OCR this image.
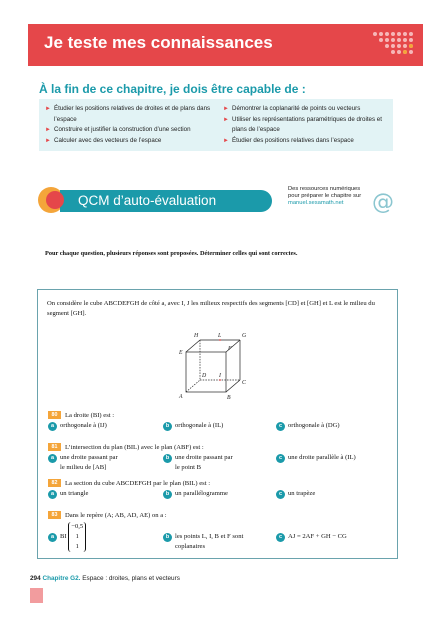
Je teste mes connaissances
À la fin de ce chapitre, je dois être capable de :
► Étudier les positions relatives de droites et de plans dans l’espace
► Construire et justifier la construction d’une section
► Calculer avec des vecteurs de l’espace
► Démontrer la coplanarité de points ou vecteurs
► Utiliser les représentations paramétriques de droites et plans de l’espace
► Étudier des positions relatives dans l’espace
QCM d’auto-évaluation
Des ressources numériques
pour préparer le chapitre sur
manuel.sesamath.net	@
Pour chaque question, plusieurs réponses sont proposées. Déterminer celles qui sont correctes.
On considère le cube ABCDEFGH de côté a, avec I, J les milieux respectifs des segments [CD] et [GH] et L est le milieu du segment [GH].
H	L	G
E
F
D I
C
A	B
80 La droite (BI) est :
a orthogonale à (IJ)	b orthogonale à (IL)	c orthogonale à (DG)
81 L’intersection du plan (BIL) avec le plan (ABF) est :
a une droite passant par
le milieu de [AB]
b une droite passant par
le point B
c une droite parallèle à (IL)
82 La section du cube ABCDEFGH par le plan (BIL) est :
a un triangle	b un parallélogramme	c un trapèze
83 Dans le repère (A; AB, AD, AE) on a :
a BI
−0,5
1
1
b les points L, I, B et F sont
coplanaires
c AJ = 2AF + GH − CG
294 Chapitre G2. Espace : droites, plans et vecteurs
